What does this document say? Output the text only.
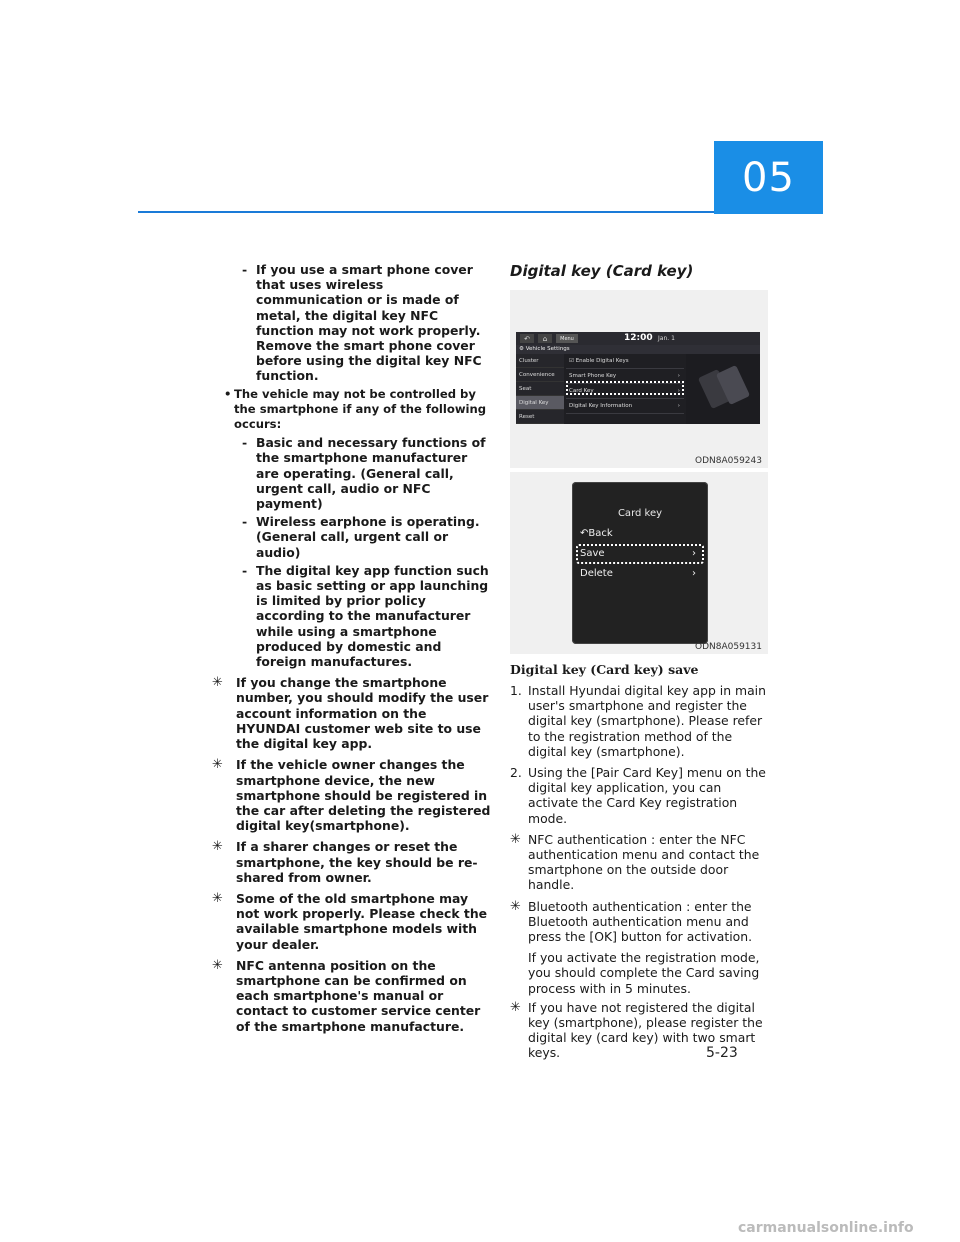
05
- If you use a smart phone cover that uses wireless communication or is made of metal, the digital key NFC function may not work properly. Remove the smart phone cover before using the digital key NFC function.
• The vehicle may not be controlled by the smartphone if any of the following occurs:
- Basic and necessary functions of the smartphone manufacturer are operating. (General call, urgent call, audio or NFC payment)
- Wireless earphone is operating. (General call, urgent call or audio)
- The digital key app function such as basic setting or app launching is limited by prior policy according to the manufacturer while using a smartphone produced by domestic and foreign manufactures.
✳	If you change the smartphone number, you should modify the user account information on the HYUNDAI customer web site to use the digital key app.
✳	If the vehicle owner changes the smartphone device, the new smartphone should be registered in the car after deleting the registered digital key(smartphone).
✳	If a sharer changes or reset the smartphone, the key should be re-shared from owner.
✳	Some of the old smartphone may not work properly. Please check the available smartphone models with your dealer.
✳	NFC antenna position on the smartphone can be confirmed on each smartphone's manual or contact to customer service center of the smartphone manufacture.
Digital key (Card key)
↶	⌂	Menu	12:00 Jan. 1
⚙ Vehicle Settings
Cluster
Convenience
Seat
Digital Key
Reset
☑ Enable Digital Keys
Smart Phone Key	›
Card Key	›
Digital Key Information	›
ODN8A059243
Card key
↶Back
Save	›
Delete	›
ODN8A059131
Digital key (Card key) save
1. Install Hyundai digital key app in main user's smartphone and register the digital key (smartphone). Please refer to the registration method of the digital key (smartphone).
2. Using the [Pair Card Key] menu on the digital key application, you can activate the Card Key registration mode.
✳ NFC authentication : enter the NFC authentication menu and contact the smartphone on the outside door handle.
✳ Bluetooth authentication : enter the Bluetooth authentication menu and press the [OK] button for activation.
If you activate the registration mode, you should complete the Card saving process with in 5 minutes.
✳ If you have not registered the digital key (smartphone), please register the digital key (card key) with two smart keys.	5-23
carmanualsonline.info
